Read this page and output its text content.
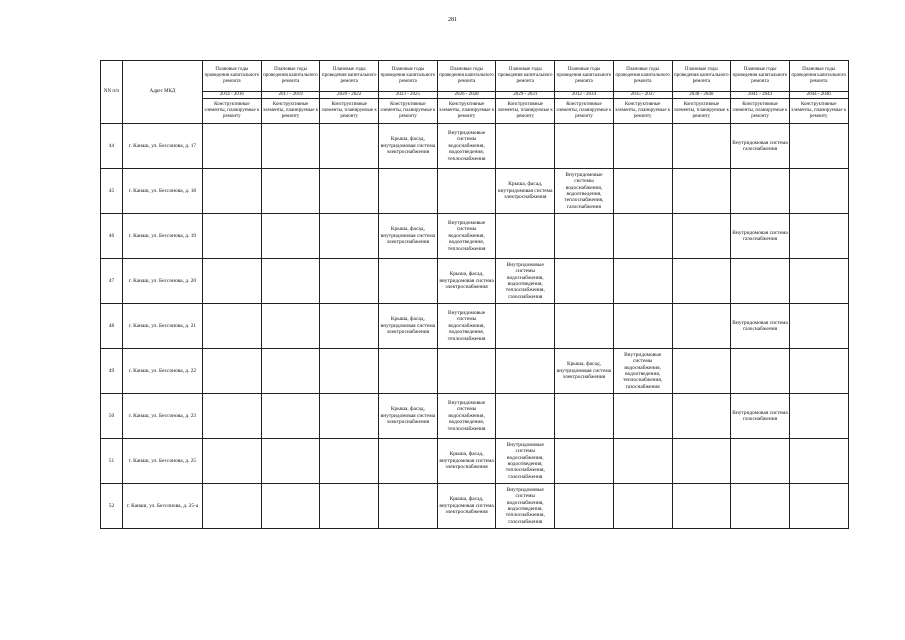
281
NN п/п	Адрес МКД	Плановые годы проведения капитального ремонта	Плановые годы проведения капитального ремонта	Плановые годы проведения капитального ремонта	Плановые годы проведения капитального ремонта	Плановые годы проведения капитального ремонта	Плановые годы проведения капитального ремонта	Плановые годы проведения капитального ремонта	Плановые годы проведения капитального ремонта	Плановые годы проведения капитального ремонта	Плановые годы проведения капитального ремонта	Плановые годы проведения капитального ремонта
		2014 - 2016	2017 - 2019	2020 - 2022	2023 - 2025	2026 - 2028	2029 - 2031	2032 - 2034	2035 - 2037	2038 - 2040	2041 - 2043	2044 - 2046
		Конструктивные элементы, планируемые к ремонту	Конструктивные элементы, планируемые к ремонту	Конструктивные элементы, планируемые к ремонту	Конструктивные элементы, планируемые к ремонту	Конструктивные элементы, планируемые к ремонту	Конструктивные элементы, планируемые к ремонту	Конструктивные элементы, планируемые к ремонту	Конструктивные элементы, планируемые к ремонту	Конструктивные элементы, планируемые к ремонту	Конструктивные элементы, планируемые к ремонту	Конструктивные элементы, планируемые к ремонту
44	г. Канаш, ул. Бессонова, д. 17				Крыша, фасад, внутридомовая система электроснабжения	Внутридомовые системы водоснабжения, водоотведения, теплоснабжения					Внутридомовая система газоснабжения	
45	г. Канаш, ул. Бессонова, д. 18						Крыша, фасад, внутридомовая система электроснабжения	Внутридомовые системы водоснабжения, водоотведения, теплоснабжения, газоснабжения				
46	г. Канаш, ул. Бессонова, д. 19				Крыша, фасад, внутридомовая система электроснабжения	Внутридомовые системы водоснабжения, водоотведения, теплоснабжения					Внутридомовая система газоснабжения	
47	г. Канаш, ул. Бессонова, д. 20					Крыша, фасад, внутридомовая система электроснабжения	Внутридомовые системы водоснабжения, водоотведения, теплоснабжения, газоснабжения					
48	г. Канаш, ул. Бессонова, д. 21				Крыша, фасад, внутридомовая система электроснабжения	Внутридомовые системы водоснабжения, водоотведения, теплоснабжения					Внутридомовая система газоснабжения	
49	г. Канаш, ул. Бессонова, д. 22							Крыша, фасад, внутридомовая система электроснабжения	Внутридомовые системы водоснабжения, водоотведения, теплоснабжения, газоснабжения			
50	г. Канаш, ул. Бессонова, д. 23				Крыша, фасад, внутридомовая система электроснабжения	Внутридомовые системы водоснабжения, водоотведения, теплоснабжения					Внутридомовая система газоснабжения	
51	г. Канаш, ул. Бессонова, д. 25					Крыша, фасад, внутридомовая система электроснабжения	Внутридомовые системы водоснабжения, водоотведения, теплоснабжения, газоснабжения					
52	г. Канаш, ул. Бессонова, д. 25-а					Крыша, фасад, внутридомовая система электроснабжения	Внутридомовые системы водоснабжения, водоотведения, теплоснабжения, газоснабжения					
